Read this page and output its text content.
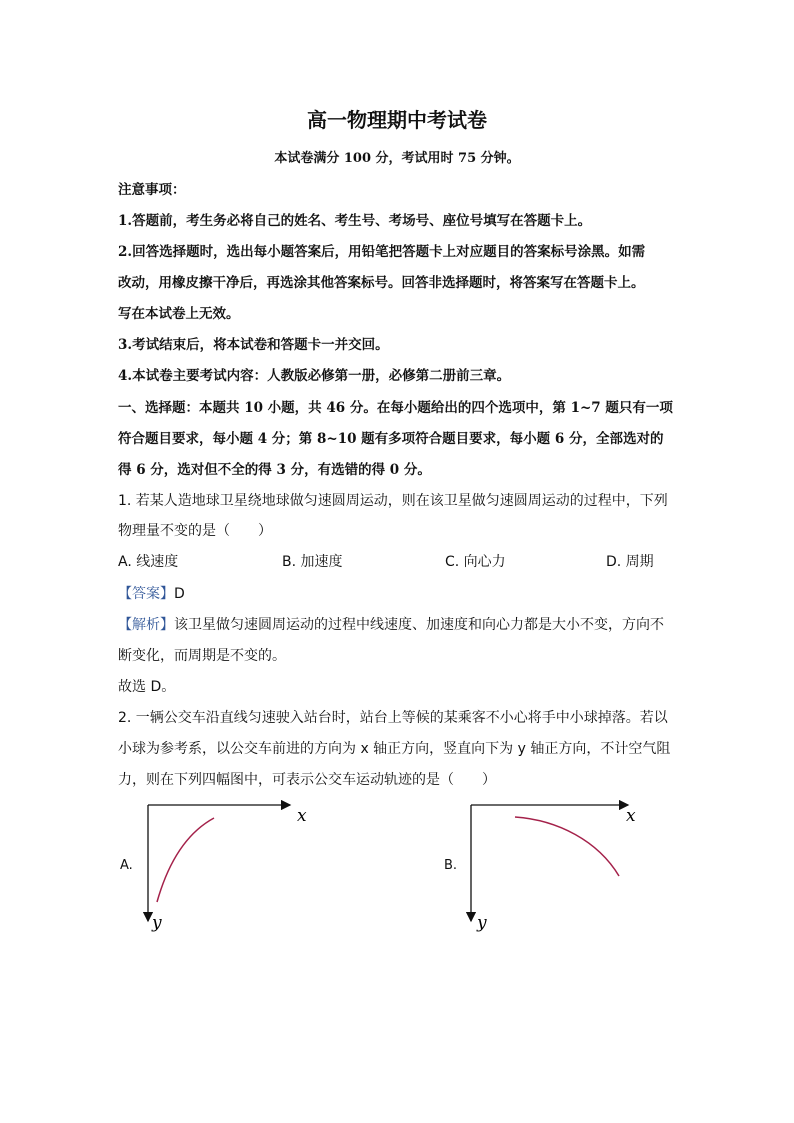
高一物理期中考试卷
本试卷满分 100 分，考试用时 75 分钟。
注意事项：
1.答题前，考生务必将自己的姓名、考生号、考场号、座位号填写在答题卡上。
2.回答选择题时，选出每小题答案后，用铅笔把答题卡上对应题目的答案标号涂黑。如需
改动，用橡皮擦干净后，再选涂其他答案标号。回答非选择题时，将答案写在答题卡上。
写在本试卷上无效。
3.考试结束后，将本试卷和答题卡一并交回。
4.本试卷主要考试内容：人教版必修第一册，必修第二册前三章。
一、选择题：本题共 10 小题，共 46 分。在每小题给出的四个选项中，第 1~7 题只有一项
符合题目要求，每小题 4 分；第 8~10 题有多项符合题目要求，每小题 6 分，全部选对的
得 6 分，选对但不全的得 3 分，有选错的得 0 分。
1. 若某人造地球卫星绕地球做匀速圆周运动，则在该卫星做匀速圆周运动的过程中，下列
物理量不变的是（　　）
A. 线速度	B. 加速度	C. 向心力	D. 周期
【答案】D
【解析】该卫星做匀速圆周运动的过程中线速度、加速度和向心力都是大小不变，方向不
断变化，而周期是不变的。
故选 D。
2. 一辆公交车沿直线匀速驶入站台时，站台上等候的某乘客不小心将手中小球掉落。若以
小球为参考系，以公交车前进的方向为 x 轴正方向，竖直向下为 y 轴正方向，不计空气阻
力，则在下列四幅图中，可表示公交车运动轨迹的是（　　）
A.
x
y
B.
x
y
